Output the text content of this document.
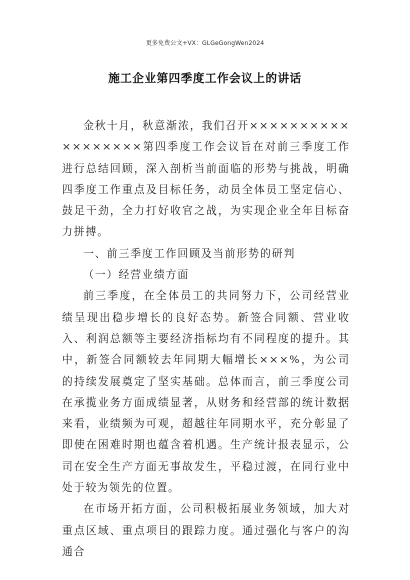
更多免费公文+VX：GLGeGongWen2024
施工企业第四季度工作会议上的讲话

金秋十月，秋意渐浓，我们召开××××××××××××××××××第四季度工作会议旨在对前三季度工作进行总结回顾，深入剖析当前面临的形势与挑战，明确四季度工作重点及目标任务，动员全体员工坚定信心、鼓足干劲，全力打好收官之战，为实现企业全年目标奋力拼搏。

一、前三季度工作回顾及当前形势的研判

（一）经营业绩方面

前三季度，在全体员工的共同努力下，公司经营业绩呈现出稳步增长的良好态势。新签合同额、营业收入、利润总额等主要经济指标均有不同程度的提升。其中，新签合同额较去年同期大幅增长×××%，为公司的持续发展奠定了坚实基础。总体而言，前三季度公司在承揽业务方面成绩显著，从财务和经营部的统计数据来看，业绩频为可观，超越往年同期水平，充分彰显了即使在困难时期也蕴含着机遇。生产统计报表显示，公司在安全生产方面无事故发生，平稳过渡，在同行业中处于较为领先的位置。

在市场开拓方面，公司积极拓展业务领域，加大对重点区域、重点项目的跟踪力度。通过强化与客户的沟通合
